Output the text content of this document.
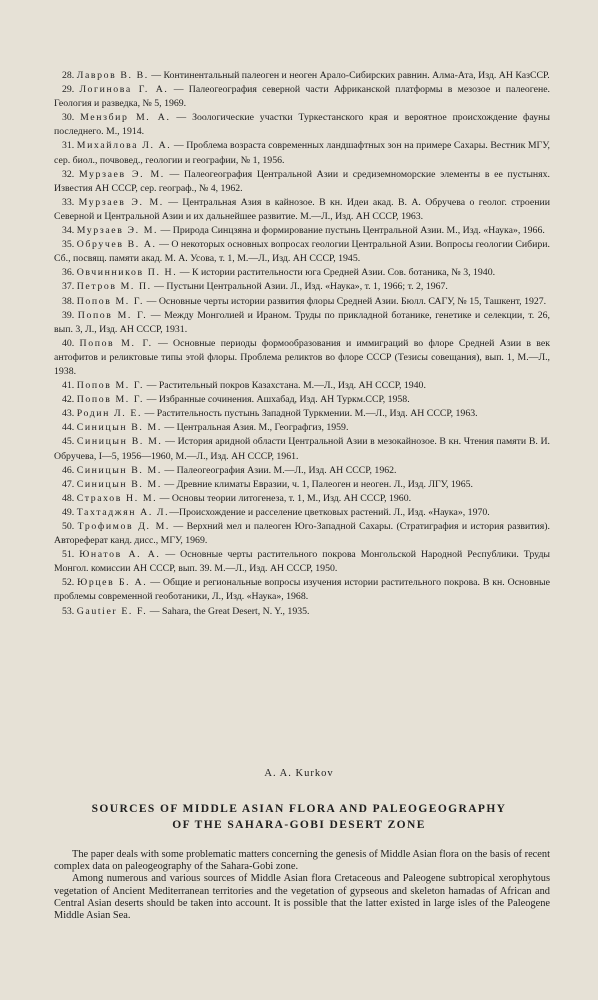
28. Лавров В. В. — Континентальный палеоген и неоген Арало-Сибирских равнин. Алма-Ата, Изд. АН КазССР.

29. Логинова Г. А. — Палеогеография северной части Африканской платформы в мезозое и палеогене. Геология и разведка, № 5, 1969.

30. Мензбир М. А. — Зоологические участки Туркестанского края и вероятное происхождение фауны последнего. М., 1914.

31. Михайлова Л. А. — Проблема возраста современных ландшафтных зон на примере Сахары. Вестник МГУ, сер. биол., почвовед., геологии и географии, № 1, 1956.

32. Мурзаев Э. М. — Палеогеография Центральной Азии и средиземноморские элементы в ее пустынях. Известия АН СССР, сер. географ., № 4, 1962.

33. Мурзаев Э. М. — Центральная Азия в кайнозое. В кн. Идеи акад. В. А. Обручева о геолог. строении Северной и Центральной Азии и их дальнейшее развитие. М.—Л., Изд. АН СССР, 1963.

34. Мурзаев Э. М. — Природа Синцзяна и формирование пустынь Центральной Азии. М., Изд. «Наука», 1966.

35. Обручев В. А. — О некоторых основных вопросах геологии Центральной Азии. Вопросы геологии Сибири. Сб., посвящ. памяти акад. М. А. Усова, т. 1, М.—Л., Изд. АН СССР, 1945.

36. Овчинников П. Н. — К истории растительности юга Средней Азии. Сов. ботаника, № 3, 1940.

37. Петров М. П. — Пустыни Центральной Азии. Л., Изд. «Наука», т. 1, 1966; т. 2, 1967.

38. Попов М. Г. — Основные черты истории развития флоры Средней Азии. Бюлл. САГУ, № 15, Ташкент, 1927.

39. Попов М. Г. — Между Монголией и Ираном. Труды по прикладной ботанике, генетике и селекции, т. 26, вып. 3, Л., Изд. АН СССР, 1931.

40. Попов М. Г. — Основные периоды формообразования и иммиграций во флоре Средней Азии в век антофитов и реликтовые типы этой флоры. Проблема реликтов во флоре СССР (Тезисы совещания), вып. 1, М.—Л., 1938.

41. Попов М. Г. — Растительный покров Казахстана. М.—Л., Изд. АН СССР, 1940.

42. Попов М. Г. — Избранные сочинения. Ашхабад, Изд. АН Туркм.ССР, 1958.

43. Родин Л. Е. — Растительность пустынь Западной Туркмении. М.—Л., Изд. АН СССР, 1963.

44. Синицын В. М. — Центральная Азия. М., Географгиз, 1959.

45. Синицын В. М. — История аридной области Центральной Азии в мезокайнозое. В кн. Чтения памяти В. И. Обручева, I—5, 1956—1960, М.—Л., Изд. АН СССР, 1961.

46. Синицын В. М. — Палеогеография Азии. М.—Л., Изд. АН СССР, 1962.

47. Синицын В. М. — Древние климаты Евразии, ч. 1, Палеоген и неоген. Л., Изд. ЛГУ, 1965.

48. Страхов Н. М. — Основы теории литогенеза, т. 1, М., Изд. АН СССР, 1960.

49. Тахтаджян А. Л.—Происхождение и расселение цветковых растений. Л., Изд. «Наука», 1970.

50. Трофимов Д. М. — Верхний мел и палеоген Юго-Западной Сахары. (Стратиграфия и история развития). Автореферат канд. дисс., МГУ, 1969.

51. Юнатов А. А. — Основные черты растительного покрова Монгольской Народной Республики. Труды Монгол. комиссии АН СССР, вып. 39. М.—Л., Изд. АН СССР, 1950.

52. Юрцев Б. А. — Общие и региональные вопросы изучения истории растительного покрова. В кн. Основные проблемы современной геоботаники, Л., Изд. «Наука», 1968.

53. Gautier E. F. — Sahara, the Great Desert, N. Y., 1935.

A. A. Kurkov
SOURCES OF MIDDLE ASIAN FLORA AND PALEOGEOGRAPHY
OF THE SAHARA-GOBI DESERT ZONE

The paper deals with some problematic matters concerning the genesis of Middle Asian flora on the basis of recent complex data on paleogeography of the Sahara-Gobi zone.

Among numerous and various sources of Middle Asian flora Cretaceous and Paleogene subtropical xerophytous vegetation of Ancient Mediterranean territories and the vegetation of gypseous and skeleton hamadas of African and Central Asian deserts should be taken into account. It is possible that the latter existed in large isles of the Paleogene Middle Asian Sea.
